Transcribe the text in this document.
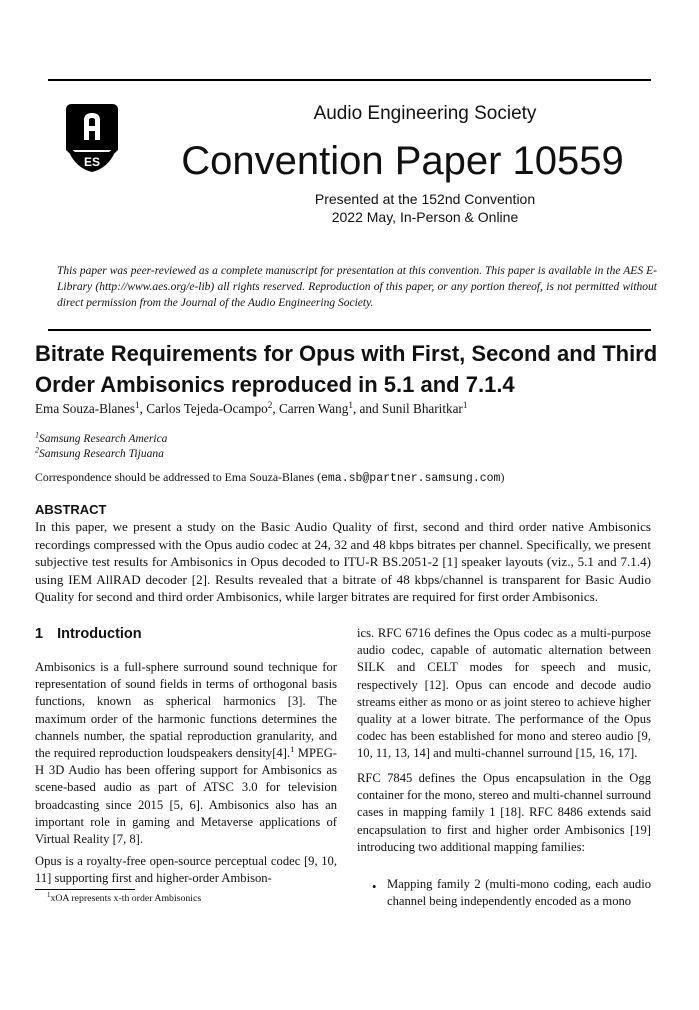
ES
Audio Engineering Society
Convention Paper 10559
Presented at the 152nd Convention
2022 May, In-Person & Online
This paper was peer-reviewed as a complete manuscript for presentation at this convention. This paper is available in the AES E-Library (http://www.aes.org/e-lib) all rights reserved. Reproduction of this paper, or any portion thereof, is not permitted without direct permission from the Journal of the Audio Engineering Society.
Bitrate Requirements for Opus with First, Second and Third
Order Ambisonics reproduced in 5.1 and 7.1.4
Ema Souza-Blanes$^1$, Carlos Tejeda-Ocampo$^2$, Carren Wang$^1$, and Sunil Bharitkar$^1$
$^1$Samsung Research America
$^2$Samsung Research Tijuana
Correspondence should be addressed to Ema Souza-Blanes (ema.sb@partner.samsung.com)
ABSTRACT
In this paper, we present a study on the Basic Audio Quality of first, second and third order native Ambisonics recordings compressed with the Opus audio codec at 24, 32 and 48 kbps bitrates per channel. Specifically, we present subjective test results for Ambisonics in Opus decoded to ITU-R BS.2051-2 [1] speaker layouts (viz., 5.1 and 7.1.4) using IEM AllRAD decoder [2]. Results revealed that a bitrate of 48 kbps/channel is transparent for Basic Audio Quality for second and third order Ambisonics, while larger bitrates are required for first order Ambisonics.
1 Introduction
Ambisonics is a full-sphere surround sound technique for representation of sound fields in terms of orthogonal basis functions, known as spherical harmonics [3]. The maximum order of the harmonic functions determines the channels number, the spatial reproduction granularity, and the required reproduction loudspeakers density[4].$^1$ MPEG-H 3D Audio has been offering support for Ambisonics as scene-based audio as part of ATSC 3.0 for television broadcasting since 2015 [5, 6]. Ambisonics also has an important role in gaming and Metaverse applications of Virtual Reality [7, 8].
Opus is a royalty-free open-source perceptual codec [9, 10, 11] supporting first and higher-order Ambison-
$^1$xOA represents x-th order Ambisonics
ics. RFC 6716 defines the Opus codec as a multi-purpose audio codec, capable of automatic alternation between SILK and CELT modes for speech and music, respectively [12]. Opus can encode and decode audio streams either as mono or as joint stereo to achieve higher quality at a lower bitrate. The performance of the Opus codec has been established for mono and stereo audio [9, 10, 11, 13, 14] and multi-channel surround [15, 16, 17].
RFC 7845 defines the Opus encapsulation in the Ogg container for the mono, stereo and multi-channel surround cases in mapping family 1 [18]. RFC 8486 extends said encapsulation to first and higher order Ambisonics [19] introducing two additional mapping families:
• Mapping family 2 (multi-mono coding, each audio channel being independently encoded as a mono
